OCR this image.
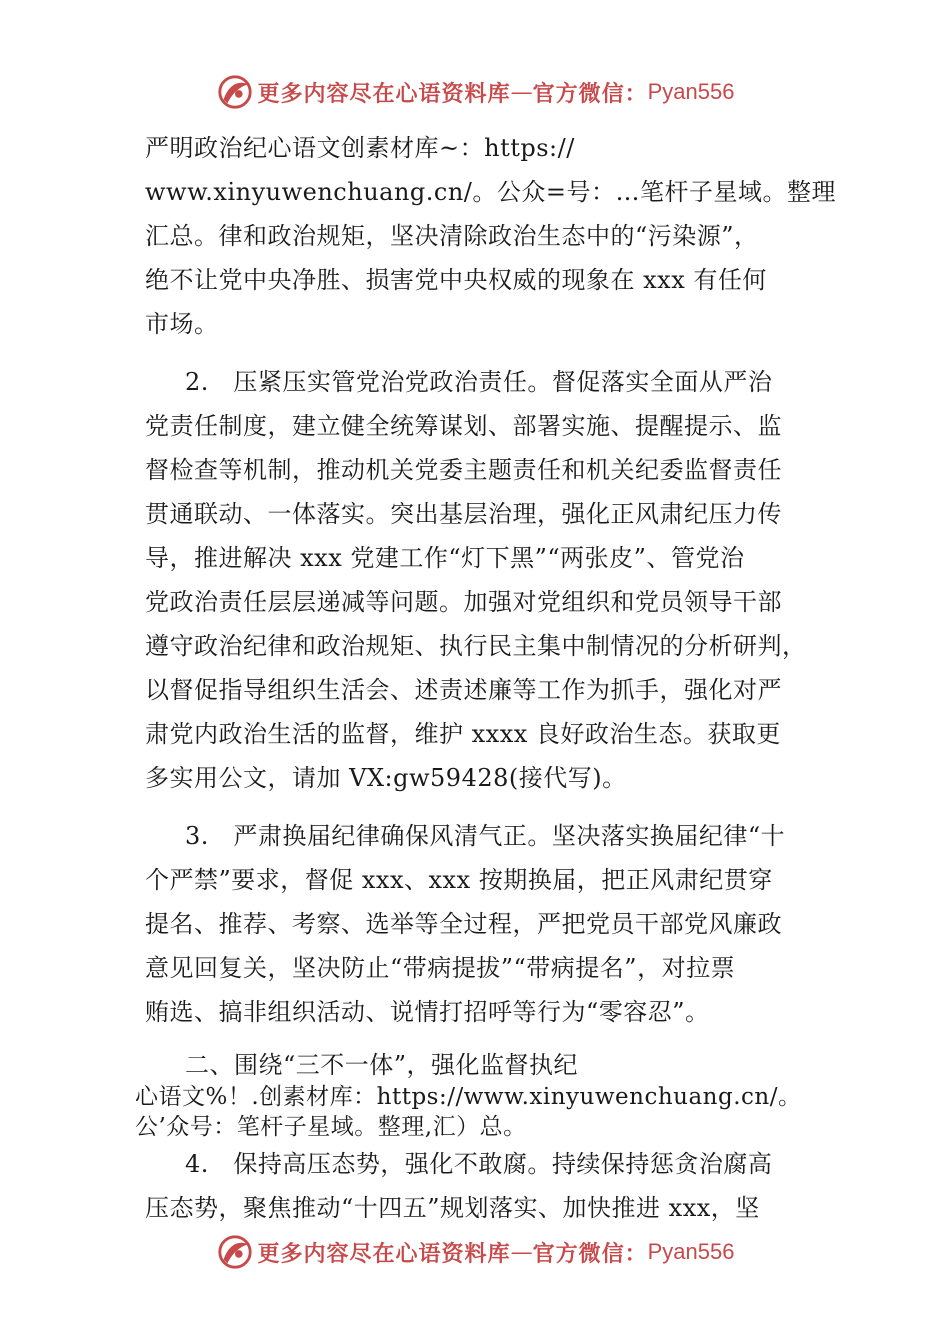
更多内容尽在心语资料库 — 官方微信： Pyan556
严明政治纪心语文创素材库~：https://
www.xinyuwenchuang.cn/。公众=号：…笔杆子星域。整理
汇总。律和政治规矩，坚决清除政治生态中的“污染源”，
绝不让党中央净胜、损害党中央权威的现象在 xxx 有任何
市场。
2.　压紧压实管党治党政治责任。督促落实全面从严治
党责任制度，建立健全统筹谋划、部署实施、提醒提示、监
督检查等机制，推动机关党委主题责任和机关纪委监督责任
贯通联动、一体落实。突出基层治理，强化正风肃纪压力传
导，推进解决 xxx 党建工作“灯下黑”“两张皮”、管党治
党政治责任层层递减等问题。加强对党组织和党员领导干部
遵守政治纪律和政治规矩、执行民主集中制情况的分析研判，
以督促指导组织生活会、述责述廉等工作为抓手，强化对严
肃党内政治生活的监督，维护 xxxx 良好政治生态。获取更
多实用公文，请加 VX:gw59428(接代写)。
3.　严肃换届纪律确保风清气正。坚决落实换届纪律“十
个严禁”要求，督促 xxx、xxx 按期换届，把正风肃纪贯穿
提名、推荐、考察、选举等全过程，严把党员干部党风廉政
意见回复关，坚决防止“带病提拔”“带病提名”，对拉票
贿选、搞非组织活动、说情打招呼等行为“零容忍”。
二、围绕“三不一体”，强化监督执纪
心语文%！.创素材库：https://www.xinyuwenchuang.cn/。
公’众号：笔杆子星域。整理,汇）总。
4.　保持高压态势，强化不敢腐。持续保持惩贪治腐高
压态势，聚焦推动“十四五”规划落实、加快推进 xxx，坚
更多内容尽在心语资料库 — 官方微信： Pyan556
